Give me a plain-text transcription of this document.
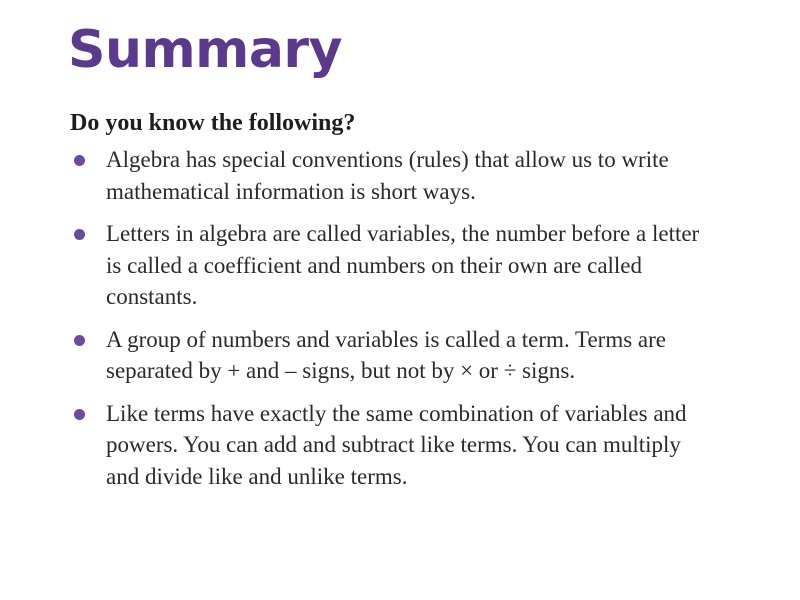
Summary
Do you know the following?
Algebra has special conventions (rules) that allow us to write mathematical information is short ways.
Letters in algebra are called variables, the number before a letter is called a coefficient and numbers on their own are called constants.
A group of numbers and variables is called a term. Terms are separated by + and – signs, but not by × or ÷ signs.
Like terms have exactly the same combination of variables and powers. You can add and subtract like terms. You can multiply and divide like and unlike terms.
